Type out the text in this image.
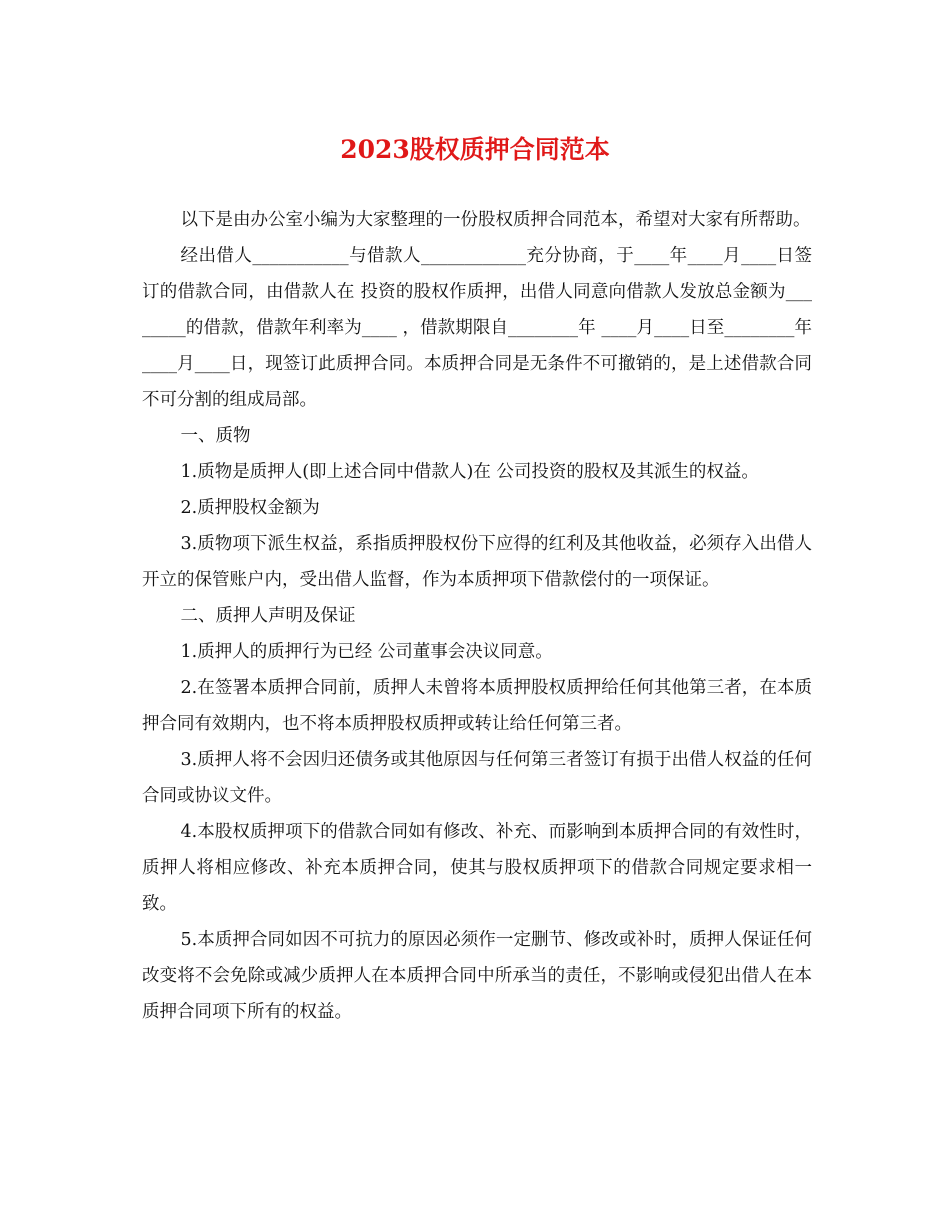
2023股权质押合同范本

以下是由办公室小编为大家整理的一份股权质押合同范本，希望对大家有所帮助。

经出借人___________与借款人____________充分协商，于____年____月____日签订的借款合同，由借款人在 投资的股权作质押，出借人同意向借款人发放总金额为________的借款，借款年利率为____ ，借款期限自________年 ____月____日至________年____月____日，现签订此质押合同。本质押合同是无条件不可撤销的，是上述借款合同不可分割的组成局部。

一、质物

1.质物是质押人(即上述合同中借款人)在 公司投资的股权及其派生的权益。

2.质押股权金额为

3.质物项下派生权益，系指质押股权份下应得的红利及其他收益，必须存入出借人开立的保管账户内，受出借人监督，作为本质押项下借款偿付的一项保证。

二、质押人声明及保证

1.质押人的质押行为已经 公司董事会决议同意。

2.在签署本质押合同前，质押人未曾将本质押股权质押给任何其他第三者，在本质押合同有效期内，也不将本质押股权质押或转让给任何第三者。

3.质押人将不会因归还债务或其他原因与任何第三者签订有损于出借人权益的任何合同或协议文件。

4.本股权质押项下的借款合同如有修改、补充、而影响到本质押合同的有效性时，质押人将相应修改、补充本质押合同，使其与股权质押项下的借款合同规定要求相一致。

5.本质押合同如因不可抗力的原因必须作一定删节、修改或补时，质押人保证任何改变将不会免除或减少质押人在本质押合同中所承当的责任，不影响或侵犯出借人在本质押合同项下所有的权益。
